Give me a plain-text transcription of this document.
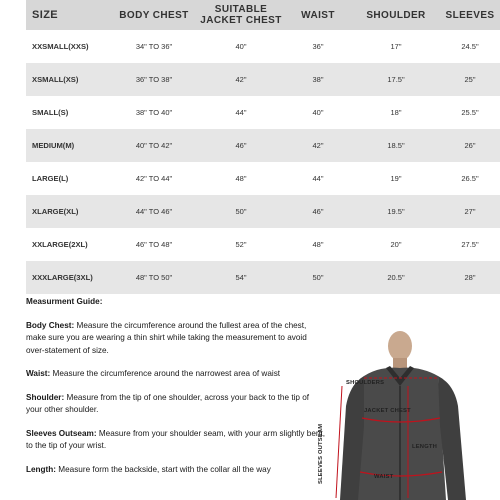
SIZE	BODY CHEST	SUITABLE JACKET CHEST	WAIST	SHOULDER	SLEEVES
XXSMALL(XXS)	34" TO 36"	40"	36"	17"	24.5"
XSMALL(XS)	36" TO 38"	42"	38"	17.5"	25"
SMALL(S)	38" TO 40"	44"	40"	18"	25.5"
MEDIUM(M)	40" TO 42"	46"	42"	18.5"	26"
LARGE(L)	42" TO 44"	48"	44"	19"	26.5"
XLARGE(XL)	44" TO 46"	50"	46"	19.5"	27"
XXLARGE(2XL)	46" TO 48"	52"	48"	20"	27.5"
XXXLARGE(3XL)	48" TO 50"	54"	50"	20.5"	28"
Measurment Guide:

Body Chest: Measure the circumference around the fullest area of the chest, make sure you are wearing a thin shirt while taking the measurement to avoid over-statement of size.

Waist: Measure the circumference around the narrowest area of waist

Shoulder: Measure from the tip of one shoulder, across your back to the tip of your other shoulder.

Sleeves Outseam: Measure from your shoulder seam, with your arm slightly bent, to the tip of your wrist.

Length: Measure form the backside, start with the collar all the way

SHOULDERS
JACKET CHEST
LENGTH
WAIST
SLEEVES OUTSEAM
